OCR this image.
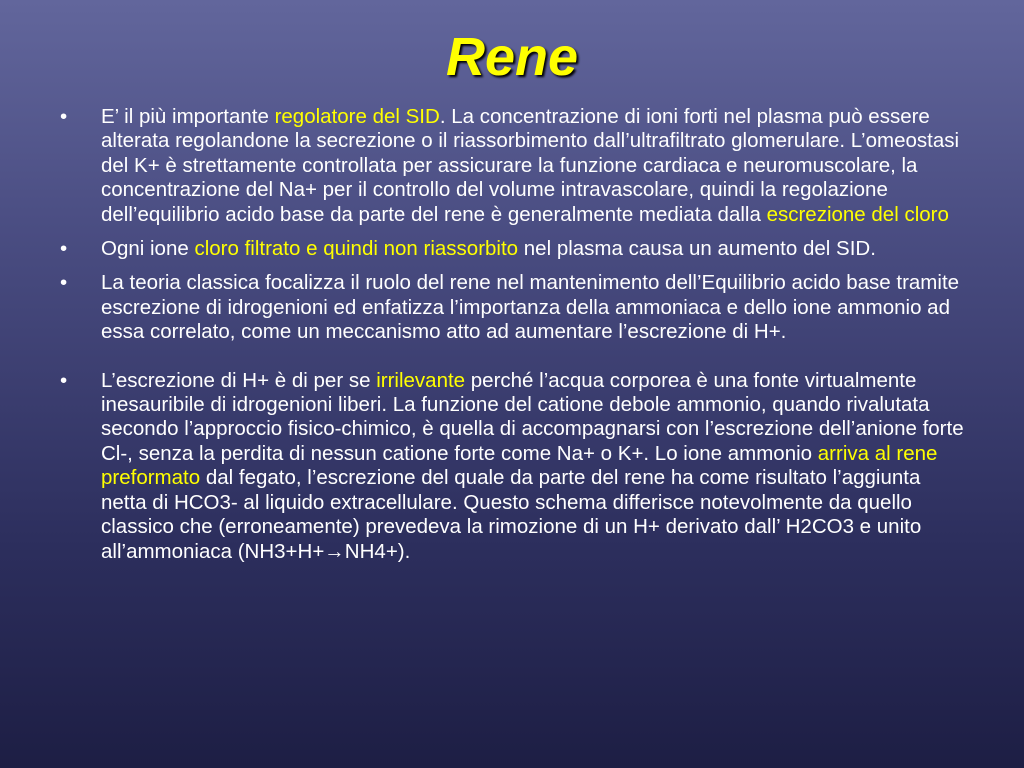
Rene
• E’ il più importante regolatore del SID. La concentrazione di ioni forti nel plasma può essere alterata regolandone la secrezione o il riassorbimento dall’ultrafiltrato glomerulare. L’omeostasi del K+ è strettamente controllata per assicurare la funzione cardiaca e neuromuscolare, la concentrazione del Na+ per il controllo del volume intravascolare, quindi la regolazione dell’equilibrio acido base da parte del rene è generalmente mediata dalla escrezione del cloro
• Ogni ione cloro filtrato e quindi non riassorbito nel plasma causa un aumento del SID.
• La teoria classica focalizza il ruolo del rene nel mantenimento dell’Equilibrio acido base tramite escrezione di idrogenioni ed enfatizza l’importanza della ammoniaca e dello ione ammonio ad essa correlato, come un meccanismo atto ad aumentare l’escrezione di H+.
• L’escrezione di H+ è di per se irrilevante perché l’acqua corporea è una fonte virtualmente inesauribile di idrogenioni liberi. La funzione del catione debole ammonio, quando rivalutata secondo l’approccio fisico-chimico, è quella di accompagnarsi con l’escrezione dell’anione forte Cl-, senza la perdita di nessun catione forte come Na+ o K+. Lo ione ammonio arriva al rene preformato dal fegato, l’escrezione del quale da parte del rene ha come risultato l’aggiunta netta di HCO3- al liquido extracellulare. Questo schema differisce notevolmente da quello classico che (erroneamente) prevedeva la rimozione di un H+ derivato dall’ H2CO3 e unito all’ammoniaca (NH3+H+→NH4+).
